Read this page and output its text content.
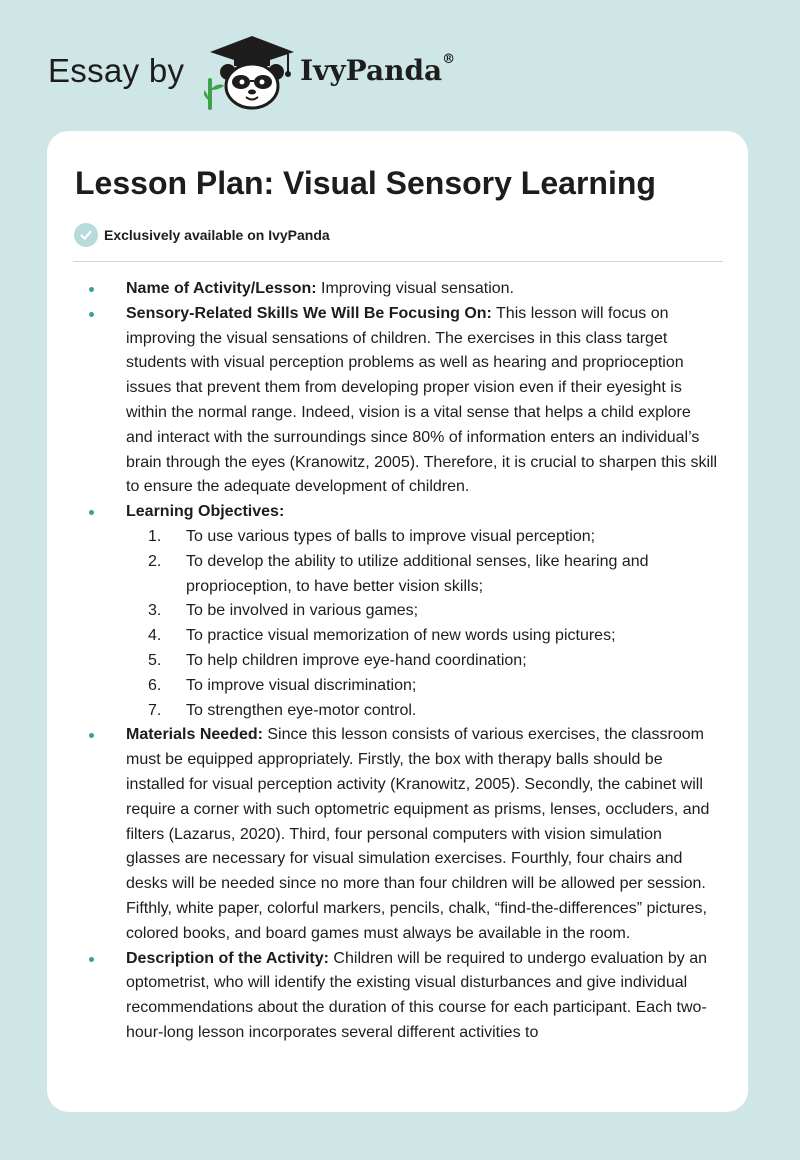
Essay by	IvyPanda®
Lesson Plan: Visual Sensory Learning
Exclusively available on IvyPanda
Name of Activity/Lesson: Improving visual sensation.
Sensory-Related Skills We Will Be Focusing On: This lesson will focus on improving the visual sensations of children. The exercises in this class target students with visual perception problems as well as hearing and proprioception issues that prevent them from developing proper vision even if their eyesight is within the normal range. Indeed, vision is a vital sense that helps a child explore and interact with the surroundings since 80% of information enters an individual’s brain through the eyes (Kranowitz, 2005). Therefore, it is crucial to sharpen this skill to ensure the adequate development of children.
Learning Objectives:
1. To use various types of balls to improve visual perception;
2. To develop the ability to utilize additional senses, like hearing and proprioception, to have better vision skills;
3. To be involved in various games;
4. To practice visual memorization of new words using pictures;
5. To help children improve eye-hand coordination;
6. To improve visual discrimination;
7. To strengthen eye-motor control.
Materials Needed: Since this lesson consists of various exercises, the classroom must be equipped appropriately. Firstly, the box with therapy balls should be installed for visual perception activity (Kranowitz, 2005). Secondly, the cabinet will require a corner with such optometric equipment as prisms, lenses, occluders, and filters (Lazarus, 2020). Third, four personal computers with vision simulation glasses are necessary for visual simulation exercises. Fourthly, four chairs and desks will be needed since no more than four children will be allowed per session. Fifthly, white paper, colorful markers, pencils, chalk, “find-the-differences” pictures, colored books, and board games must always be available in the room.
Description of the Activity: Children will be required to undergo evaluation by an optometrist, who will identify the existing visual disturbances and give individual recommendations about the duration of this course for each participant. Each two-hour-long lesson incorporates several different activities to
